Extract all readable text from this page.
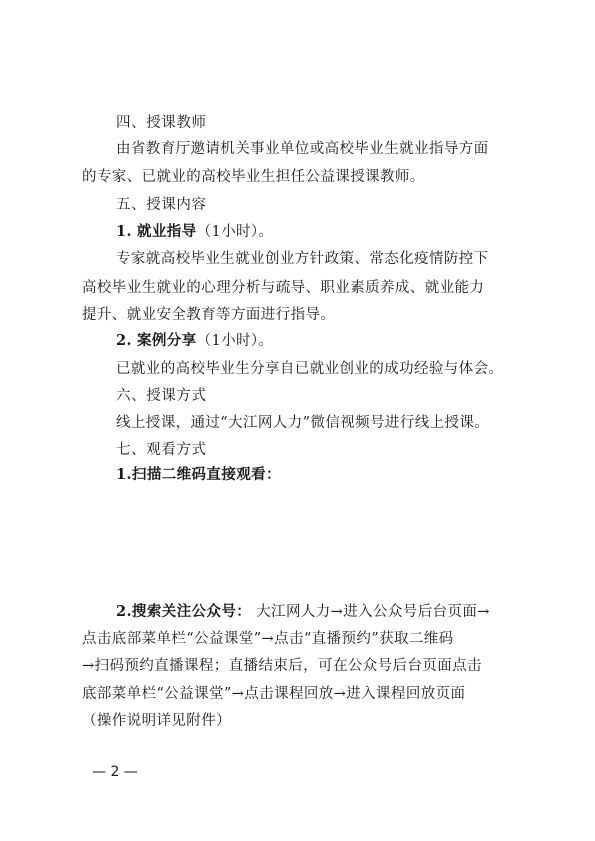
四、授课教师
由省教育厅邀请机关事业单位或高校毕业生就业指导方面
的专家、已就业的高校毕业生担任公益课授课教师。
五、授课内容
1. 就业指导（1小时）。
专家就高校毕业生就业创业方针政策、常态化疫情防控下
高校毕业生就业的心理分析与疏导、职业素质养成、就业能力
提升、就业安全教育等方面进行指导。
2. 案例分享（1小时）。
已就业的高校毕业生分享自已就业创业的成功经验与体会。
六、授课方式
线上授课，通过“大江网人力”微信视频号进行线上授课。
七、观看方式
1.扫描二维码直接观看：
2.搜索关注公众号： 大江网人力→进入公众号后台页面→
点击底部菜单栏“公益课堂”→点击“直播预约”获取二维码
→扫码预约直播课程；直播结束后，可在公众号后台页面点击
底部菜单栏“公益课堂”→点击课程回放→进入课程回放页面
（操作说明详见附件）
— 2 —
